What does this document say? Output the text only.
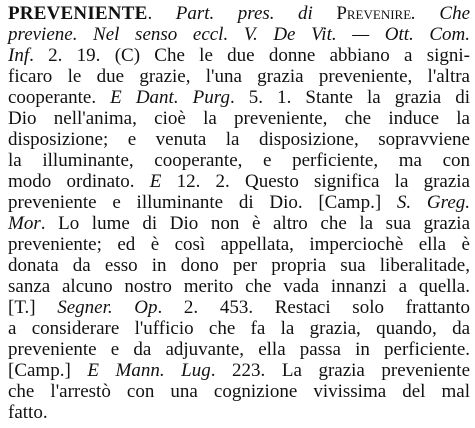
PREVENIENTE. Part. pres. di Prevenire. Che
previene. Nel senso eccl. V. De Vit. — Ott. Com.
Inf. 2. 19. (C) Che le due donne abbiano a signi-
ficaro le due grazie, l'una grazia preveniente, l'altra
cooperante. E Dant. Purg. 5. 1. Stante la grazia di
Dio nell'anima, cioè la preveniente, che induce la
disposizione; e venuta la disposizione, sopravviene
la illuminante, cooperante, e perficiente, ma con
modo ordinato. E 12. 2. Questo significa la grazia
preveniente e illuminante di Dio. [Camp.] S. Greg.
Mor. Lo lume di Dio non è altro che la sua grazia
preveniente; ed è così appellata, imperciochè ella è
donata da esso in dono per propria sua liberalitade,
sanza alcuno nostro merito che vada innanzi a quella.
[T.] Segner. Op. 2. 453. Restaci solo frattanto
a considerare l'ufficio che fa la grazia, quando, da
preveniente e da adjuvante, ella passa in perficiente.
[Camp.] E Mann. Lug. 223. La grazia preveniente
che l'arrestò con una cognizione vivissima del mal
fatto.
